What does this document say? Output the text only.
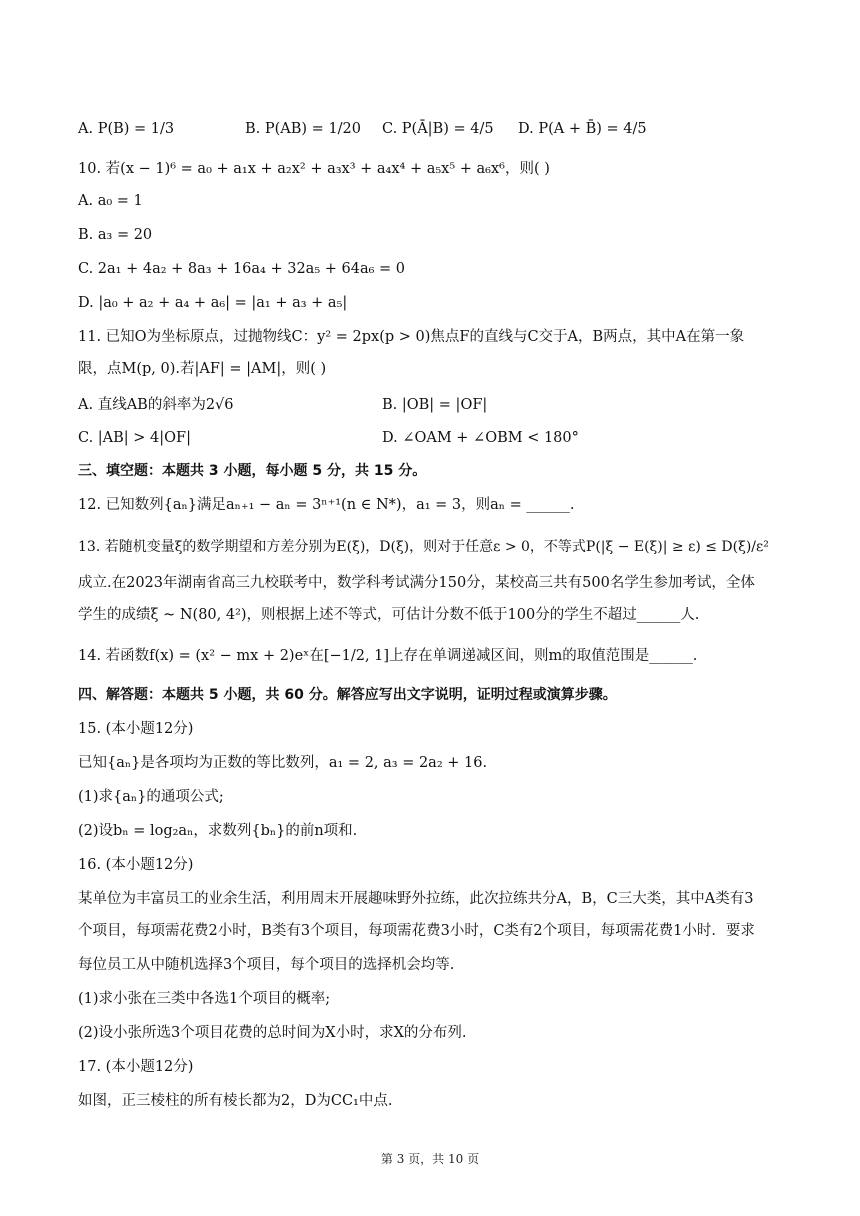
A. P(B) = 1/3	B. P(AB) = 1/20 C. P(Ā|B) = 4/5 D. P(A + B̄) = 4/5
10. 若(x − 1)⁶ = a₀ + a₁x + a₂x² + a₃x³ + a₄x⁴ + a₅x⁵ + a₆x⁶，则( )
A. a₀ = 1
B. a₃ = 20
C. 2a₁ + 4a₂ + 8a₃ + 16a₄ + 32a₅ + 64a₆ = 0
D. |a₀ + a₂ + a₄ + a₆| = |a₁ + a₃ + a₅|
11. 已知O为坐标原点，过抛物线C：y² = 2px(p > 0)焦点F的直线与C交于A，B两点，其中A在第一象
限，点M(p, 0).若|AF| = |AM|，则( )
A. 直线AB的斜率为2√6	B. |OB| = |OF|
C. |AB| > 4|OF|	D. ∠OAM + ∠OBM < 180°
三、填空题：本题共 3 小题，每小题 5 分，共 15 分。
12. 已知数列{aₙ}满足aₙ₊₁ − aₙ = 3ⁿ⁺¹(n ∈ N*)，a₁ = 3，则aₙ = ______.
13. 若随机变量ξ的数学期望和方差分别为E(ξ)，D(ξ)，则对于任意ε > 0，不等式P(|ξ − E(ξ)| ≥ ε) ≤ D(ξ)/ε²
成立.在2023年湖南省高三九校联考中，数学科考试满分150分，某校高三共有500名学生参加考试，全体
学生的成绩ξ ~ N(80, 4²)，则根据上述不等式，可估计分数不低于100分的学生不超过______人.
14. 若函数f(x) = (x² − mx + 2)eˣ在[−1/2, 1]上存在单调递减区间，则m的取值范围是______.
四、解答题：本题共 5 小题，共 60 分。解答应写出文字说明，证明过程或演算步骤。
15. (本小题12分)
已知{aₙ}是各项均为正数的等比数列，a₁ = 2, a₃ = 2a₂ + 16.
(1)求{aₙ}的通项公式;
(2)设bₙ = log₂aₙ，求数列{bₙ}的前n项和.
16. (本小题12分)
某单位为丰富员工的业余生活，利用周末开展趣味野外拉练，此次拉练共分A，B，C三大类，其中A类有3
个项目，每项需花费2小时，B类有3个项目，每项需花费3小时，C类有2个项目，每项需花费1小时．要求
每位员工从中随机选择3个项目，每个项目的选择机会均等.
(1)求小张在三类中各选1个项目的概率;
(2)设小张所选3个项目花费的总时间为X小时，求X的分布列.
17. (本小题12分)
如图，正三棱柱的所有棱长都为2，D为CC₁中点.
第 3 页，共 10 页
